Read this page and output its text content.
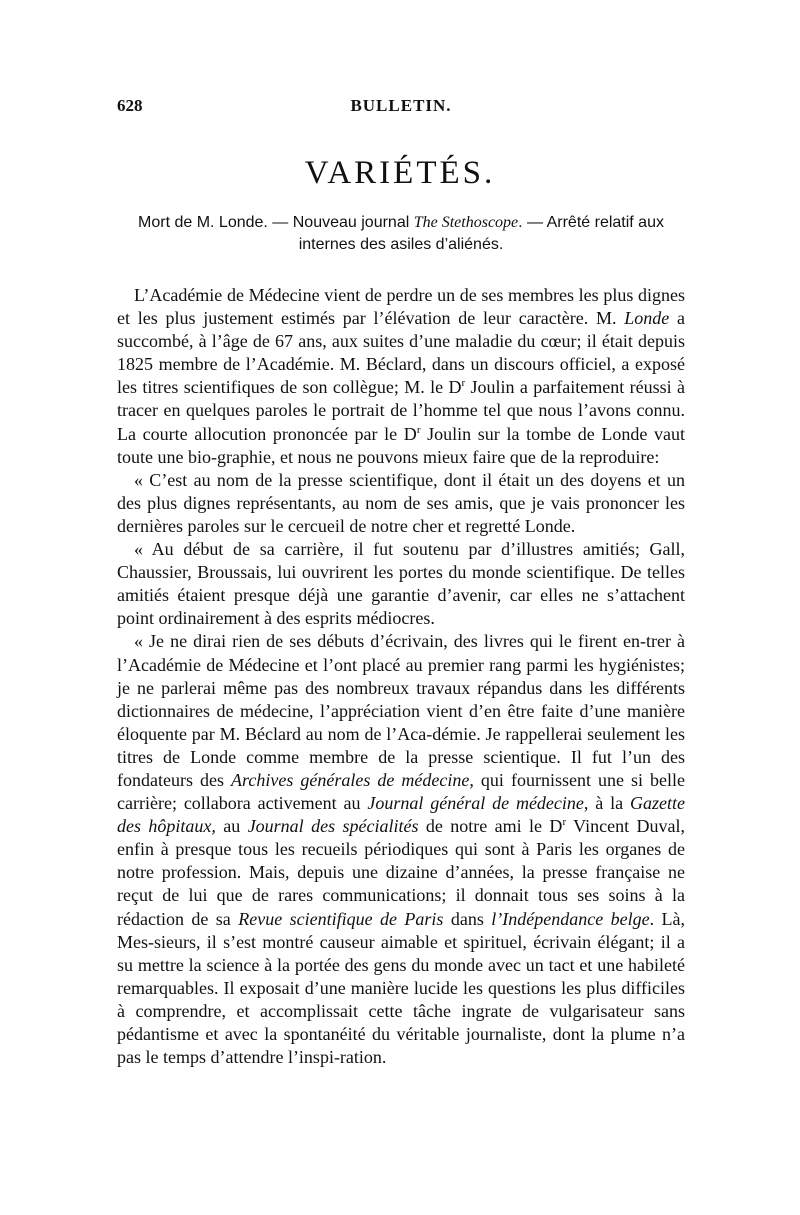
628	BULLETIN.
VARIÉTÉS.
Mort de M. Londe. — Nouveau journal The Stethoscope. — Arrêté relatif aux internes des asiles d’aliénés.

L’Académie de Médecine vient de perdre un de ses membres les plus dignes et les plus justement estimés par l’élévation de leur caractère. M. Londe a succombé, à l’âge de 67 ans, aux suites d’une maladie du cœur; il était depuis 1825 membre de l’Académie. M. Béclard, dans un discours officiel, a exposé les titres scientifiques de son collègue; M. le $D^r$ Joulin a parfaitement réussi à tracer en quelques paroles le portrait de l’homme tel que nous l’avons connu. La courte allocution prononcée par le $D^r$ Joulin sur la tombe de Londe vaut toute une bio‑graphie, et nous ne pouvons mieux faire que de la reproduire:

« C’est au nom de la presse scientifique, dont il était un des doyens et un des plus dignes représentants, au nom de ses amis, que je vais prononcer les dernières paroles sur le cercueil de notre cher et regretté Londe.

« Au début de sa carrière, il fut soutenu par d’illustres amitiés; Gall, Chaussier, Broussais, lui ouvrirent les portes du monde scientifique. De telles amitiés étaient presque déjà une garantie d’avenir, car elles ne s’attachent point ordinairement à des esprits médiocres.

« Je ne dirai rien de ses débuts d’écrivain, des livres qui le firent en‑trer à l’Académie de Médecine et l’ont placé au premier rang parmi les hygiénistes; je ne parlerai même pas des nombreux travaux répandus dans les différents dictionnaires de médecine, l’appréciation vient d’en être faite d’une manière éloquente par M. Béclard au nom de l’Aca‑démie. Je rappellerai seulement les titres de Londe comme membre de la presse scientique. Il fut l’un des fondateurs des Archives générales de médecine, qui fournissent une si belle carrière; collabora activement au Journal général de médecine, à la Gazette des hôpitaux, au Journal des spécialités de notre ami le $D^r$ Vincent Duval, enfin à presque tous les recueils périodiques qui sont à Paris les organes de notre profession. Mais, depuis une dizaine d’années, la presse française ne reçut de lui que de rares communications; il donnait tous ses soins à la rédaction de sa Revue scientifique de Paris dans l’Indépendance belge. Là, Mes‑sieurs, il s’est montré causeur aimable et spirituel, écrivain élégant; il a su mettre la science à la portée des gens du monde avec un tact et une habileté remarquables. Il exposait d’une manière lucide les questions les plus difficiles à comprendre, et accomplissait cette tâche ingrate de vulgarisateur sans pédantisme et avec la spontanéité du véritable journaliste, dont la plume n’a pas le temps d’attendre l’inspi‑ration.
